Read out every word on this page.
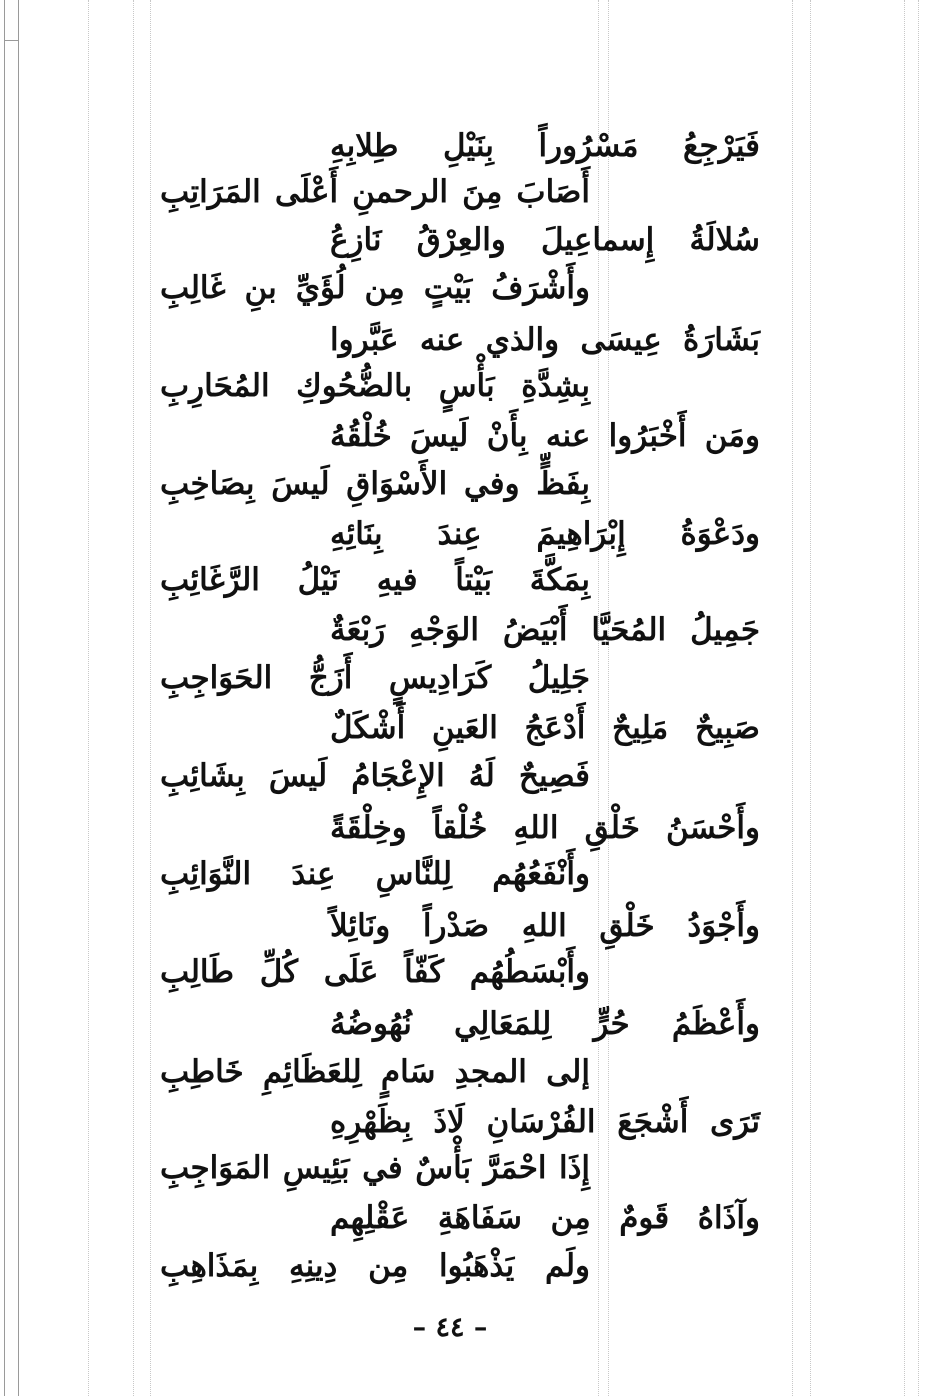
فَيَرْجِعُ مَسْرُوراً بِنَيْلِ طِلابِهِ
أَصَابَ مِنَ الرحمنِ أَعْلَى المَرَاتِبِ
سُلالَةُ إِسماعِيلَ والعِرْقُ نَازِعُ
وأَشْرَفُ بَيْتٍ مِن لُؤَيِّ بنِ غَالِبِ
بَشَارَةُ عِيسَى والذي عنه عَبَّروا
بِشِدَّةِ بَأْسٍ بالضُّحُوكِ المُحَارِبِ
ومَن أَخْبَرُوا عنه بِأَنْ لَيسَ خُلْقُهُ
بِفَظٍّ وفي الأَسْوَاقِ لَيسَ بِصَاخِبِ
ودَعْوَةُ إِبْرَاهِيمَ عِندَ بِنَائِهِ
بِمَكَّةَ بَيْتاً فيهِ نَيْلُ الرَّغَائِبِ
جَمِيلُ المُحَيَّا أَبْيَضُ الوَجْهِ رَبْعَةٌ
جَلِيلُ كَرَادِيسٍ أَزَجُّ الحَوَاجِبِ
صَبِيحٌ مَلِيحٌ أَدْعَجُ العَينِ أَشْكَلٌ
فَصِيحٌ لَهُ الإِعْجَامُ لَيسَ بِشَائِبِ
وأَحْسَنُ خَلْقِ اللهِ خُلْقاً وخِلْقَةً
وأَنْفَعُهُم لِلنَّاسِ عِندَ النَّوَائِبِ
وأَجْوَدُ خَلْقِ اللهِ صَدْراً ونَائِلاً
وأَبْسَطُهُم كَفّاً عَلَى كُلِّ طَالِبِ
وأَعْظَمُ حُرٍّ لِلمَعَالِي نُهُوضُهُ
إلى المجدِ سَامٍ لِلعَظَائِمِ خَاطِبِ
تَرَى أَشْجَعَ الفُرْسَانِ لَاذَ بِظَهْرِهِ
إِذَا احْمَرَّ بَأْسٌ في بَئِيسِ المَوَاجِبِ
وآذَاهُ قَومٌ مِن سَفَاهَةِ عَقْلِهِم
ولَم يَذْهَبُوا مِن دِينِهِ بِمَذَاهِبِ
– ٤٤ –
